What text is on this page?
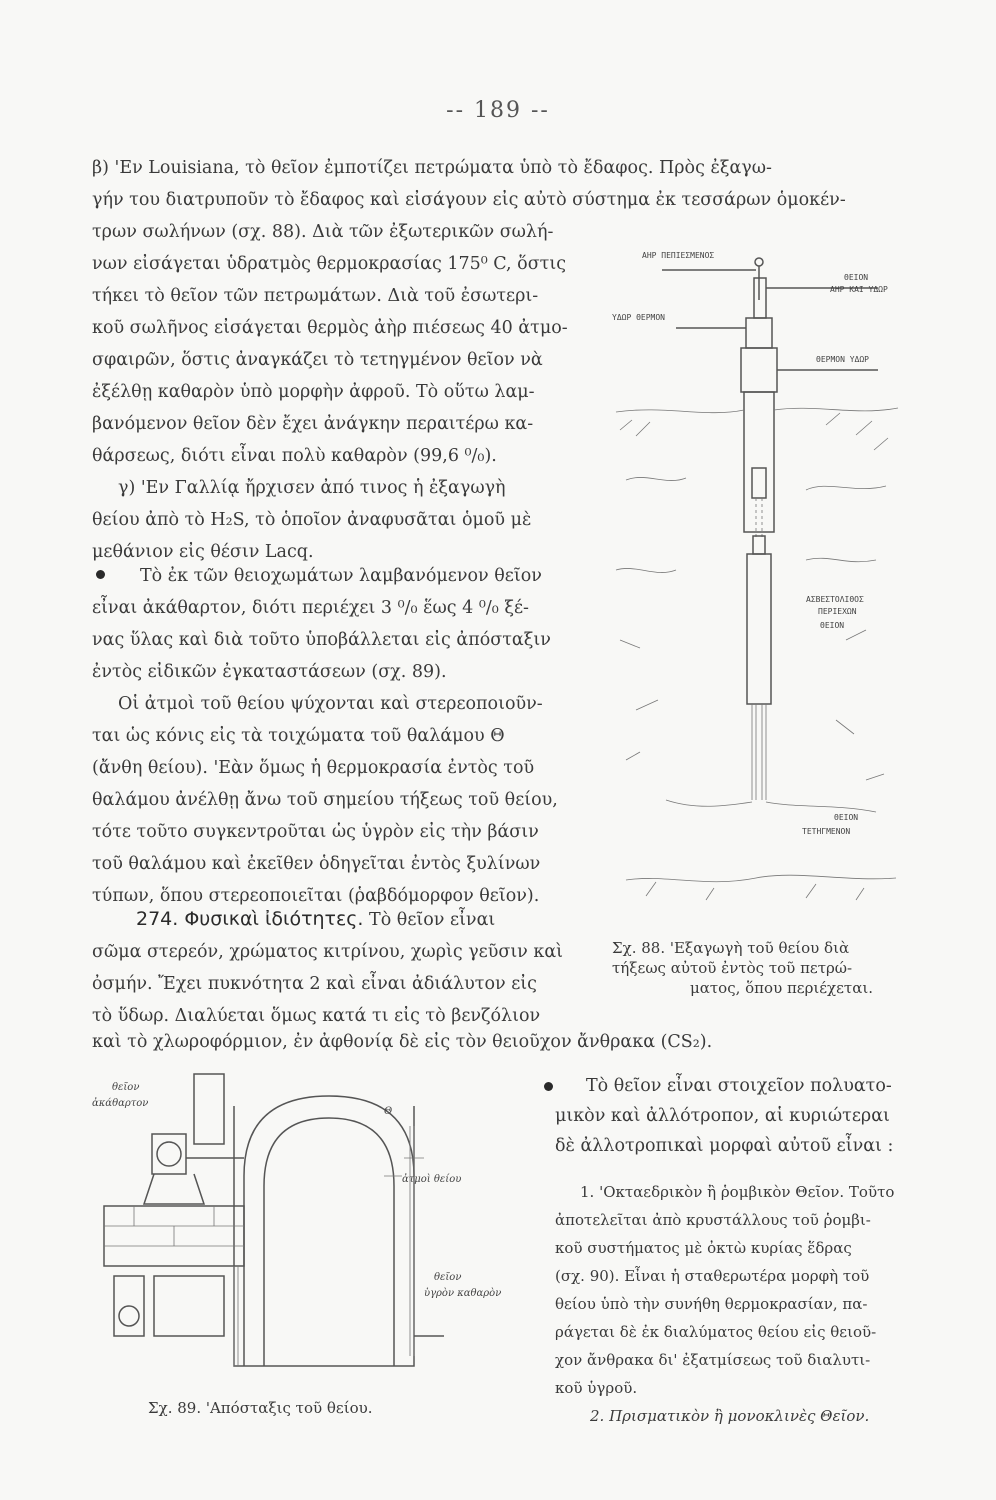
-- 189 --
β) 'Εν Louisiana, τὸ θεῖον ἐμποτίζει πετρώματα ὑπὸ τὸ ἔδαφος. Πρὸς ἐξαγω-
γήν του διατρυποῦν τὸ ἔδαφος καὶ εἰσάγουν εἰς αὐτὸ σύστημα ἐκ τεσσάρων ὁμοκέν-
τρων σωλήνων (σχ. 88). Διὰ τῶν ἐξωτερικῶν σωλή-
νων εἰσάγεται ὑδρατμὸς θερμοκρασίας 175⁰ C, ὅστις
τήκει τὸ θεῖον τῶν πετρωμάτων. Διὰ τοῦ ἐσωτερι-
κοῦ σωλῆνος εἰσάγεται θερμὸς ἀὴρ πιέσεως 40 ἀτμο-
σφαιρῶν, ὅστις ἀναγκάζει τὸ τετηγμένον θεῖον νὰ
ἐξέλθῃ καθαρὸν ὑπὸ μορφὴν ἀφροῦ. Τὸ οὕτω λαμ-
βανόμενον θεῖον δὲν ἔχει ἀνάγκην περαιτέρω κα-
θάρσεως, διότι εἶναι πολὺ καθαρὸν (99,6 ⁰/₀).
γ) 'Εν Γαλλίᾳ ἤρχισεν ἀπό τινος ἡ ἐξαγωγὴ
θείου ἀπὸ τὸ H₂S, τὸ ὁποῖον ἀναφυσᾶται ὁμοῦ μὲ
μεθάνιον εἰς θέσιν Lacq.
Τὸ ἐκ τῶν θειοχωμάτων λαμβανόμενον θεῖον
εἶναι ἀκάθαρτον, διότι περιέχει 3 ⁰/₀ ἕως 4 ⁰/₀ ξέ-
νας ὕλας καὶ διὰ τοῦτο ὑποβάλλεται εἰς ἀπόσταξιν
ἐντὸς εἰδικῶν ἐγκαταστάσεων (σχ. 89).
Οἱ ἀτμοὶ τοῦ θείου ψύχονται καὶ στερεοποιοῦν-
ται ὡς κόνις εἰς τὰ τοιχώματα τοῦ θαλάμου Θ
(ἄνθη θείου). 'Εὰν ὅμως ἡ θερμοκρασία ἐντὸς τοῦ
θαλάμου ἀνέλθῃ ἄνω τοῦ σημείου τήξεως τοῦ θείου,
τότε τοῦτο συγκεντροῦται ὡς ὑγρὸν εἰς τὴν βάσιν
τοῦ θαλάμου καὶ ἐκεῖθεν ὁδηγεῖται ἐντὸς ξυλίνων
τύπων, ὅπου στερεοποιεῖται (ῥαβδόμορφον θεῖον).
274. Φυσικαὶ ἰδιότητες. Τὸ θεῖον εἶναι
σῶμα στερεόν, χρώματος κιτρίνου, χωρὶς γεῦσιν καὶ
ὀσμήν. Ἔχει πυκνότητα 2 καὶ εἶναι ἀδιάλυτον εἰς
τὸ ὕδωρ. Διαλύεται ὅμως κατά τι εἰς τὸ βενζόλιον
καὶ τὸ χλωροφόρμιον, ἐν ἀφθονίᾳ δὲ εἰς τὸν θειοῦχον ἄνθρακα (CS₂).
ΑΗΡ ΠΕΠΙΕΣΜΕΝΟΣ
ΘΕΙΟΝ
ΑΗΡ ΚΑΙ ΥΔΩΡ
ΥΔΩΡ ΘΕΡΜΟΝ
ΘΕΡΜΟΝ ΥΔΩΡ
ΑΣΒΕΣΤΟΛΙΘΟΣ
ΠΕΡΙΕΧΩΝ
ΘΕΙΟΝ
ΘΕΙΟΝ
ΤΕΤΗΓΜΕΝΟΝ
Σχ. 88. 'Εξαγωγὴ τοῦ θείου διὰ
τήξεως αὐτοῦ ἐντὸς τοῦ πετρώ-
ματος, ὅπου περιέχεται.
θεῖον
ἀκάθαρτον
Θ
ἀτμοὶ θείου
θεῖον
ὑγρὸν καθαρὸν
Σχ. 89. 'Απόσταξις τοῦ θείου.
Τὸ θεῖον εἶναι στοιχεῖον πολυατο-
μικὸν καὶ ἀλλότροπον, αἱ κυριώτεραι
δὲ ἀλλοτροπικαὶ μορφαὶ αὐτοῦ εἶναι :
1. 'Οκταεδρικὸν ἢ ῥομβικὸν Θεῖον. Τοῦτο
ἀποτελεῖται ἀπὸ κρυστάλλους τοῦ ῥομβι-
κοῦ συστήματος μὲ ὀκτὼ κυρίας ἕδρας
(σχ. 90). Εἶναι ἡ σταθερωτέρα μορφὴ τοῦ
θείου ὑπὸ τὴν συνήθη θερμοκρασίαν, πα-
ράγεται δὲ ἐκ διαλύματος θείου εἰς θειοῦ-
χον ἄνθρακα δι' ἐξατμίσεως τοῦ διαλυτι-
κοῦ ὑγροῦ.
2. Πρισματικὸν ἢ μονοκλινὲς Θεῖον.
